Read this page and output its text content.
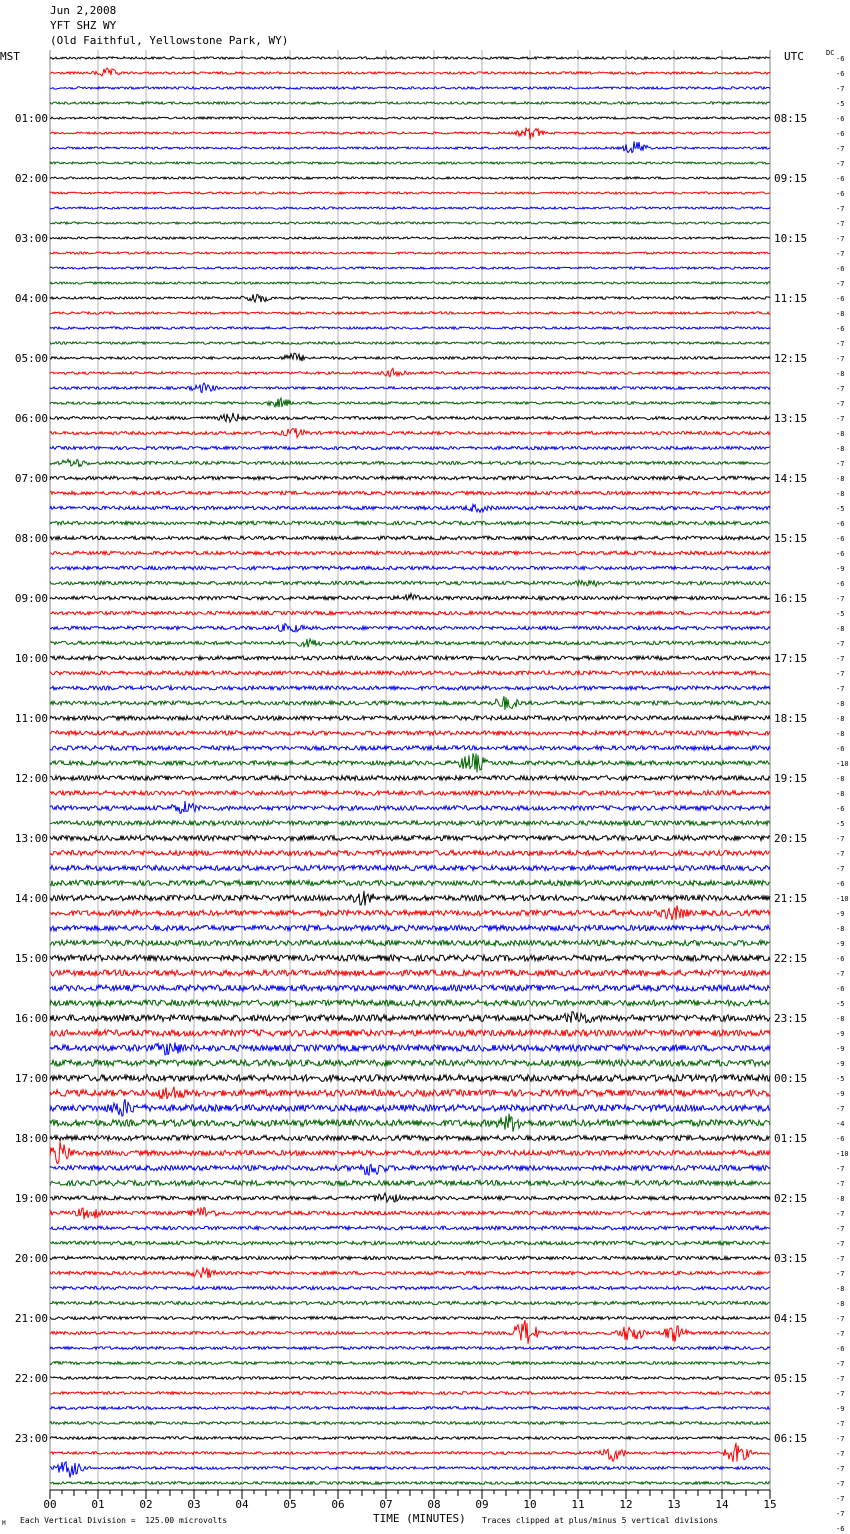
Jun 2,2008
YFT SHZ WY
(Old Faithful, Yellowstone Park, WY)
MST	UTC	DC
00	01	02	03	04	05	06	07	08	09	10	11	12	13	14	15
-6
-6
-7
-5
-6
-6
-7
-7
-6
-6
-7
-7
-7
-7
-6
-7
-6
-8
-6
-7
-7
-8
-7
-7
-7
-8
-8
-7
-8
-8
-5
-6
-6
-6
-9
-6
-7
-5
-8
-7
-7
-7
-7
-8
-8
-8
-6
-10
-8
-8
-6
-5
-7
-7
-7
-6
-10
-9
-8
-9
-6
-7
-6
-5
-8
-9
-9
-9
-5
-9
-7
-4
-6
-10
-7
-7
-8
-7
-7
-7
-7
-7
-8
-8
-7
-7
-6
-7
-7
-7
-9
-7
-7
-7
-7
-7
-7
-7
-6
01:00
02:00
03:00
04:00
05:00
06:00
07:00
08:00
09:00
10:00
11:00
12:00
13:00
14:00
15:00
16:00
17:00
18:00
19:00
20:00
21:00
22:00
23:00
08:15
09:15
10:15
11:15
12:15
13:15
14:15
15:15
16:15
17:15
18:15
19:15
20:15
21:15
22:15
23:15
00:15
01:15
02:15
03:15
04:15
05:15
06:15
TIME (MINUTES)
M Each Vertical Division =  125.00 microvolts	Traces clipped at plus/minus 5 vertical divisions
